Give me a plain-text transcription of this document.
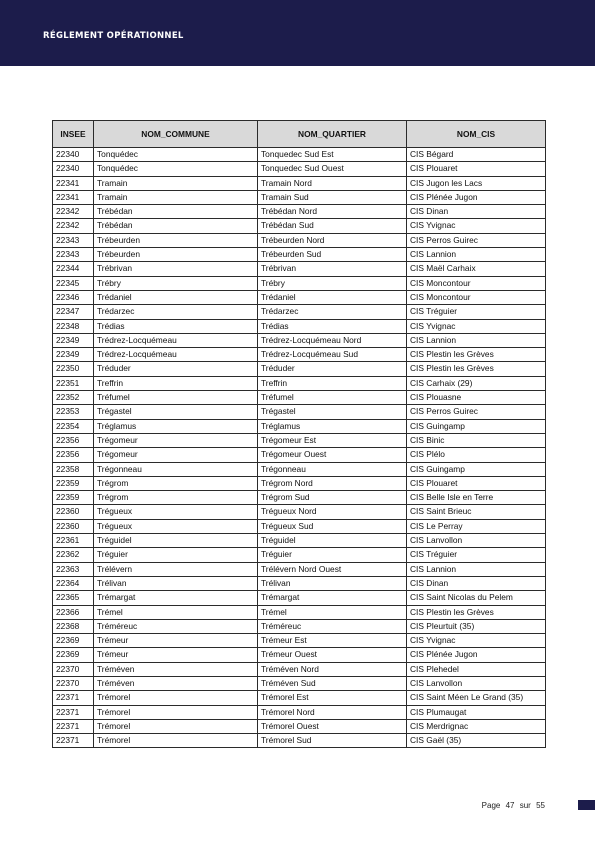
RÉGLEMENT OPÉRATIONNEL
INSEE	NOM_COMMUNE	NOM_QUARTIER	NOM_CIS
22340	Tonquédec	Tonquedec Sud Est	CIS Bégard
22340	Tonquédec	Tonquedec Sud Ouest	CIS Plouaret
22341	Tramain	Tramain Nord	CIS Jugon les Lacs
22341	Tramain	Tramain Sud	CIS Plénée Jugon
22342	Trébédan	Trébédan Nord	CIS Dinan
22342	Trébédan	Trébédan Sud	CIS Yvignac
22343	Trébeurden	Trébeurden Nord	CIS Perros Guirec
22343	Trébeurden	Trébeurden Sud	CIS Lannion
22344	Trébrivan	Trébrivan	CIS Maël Carhaix
22345	Trébry	Trébry	CIS Moncontour
22346	Trédaniel	Trédaniel	CIS Moncontour
22347	Trédarzec	Trédarzec	CIS Tréguier
22348	Trédias	Trédias	CIS Yvignac
22349	Trédrez-Locquémeau	Trédrez-Locquémeau Nord	CIS Lannion
22349	Trédrez-Locquémeau	Trédrez-Locquémeau Sud	CIS Plestin les Grèves
22350	Tréduder	Tréduder	CIS Plestin les Grèves
22351	Treffrin	Treffrin	CIS Carhaix (29)
22352	Tréfumel	Tréfumel	CIS Plouasne
22353	Trégastel	Trégastel	CIS Perros Guirec
22354	Tréglamus	Tréglamus	CIS Guingamp
22356	Trégomeur	Trégomeur Est	CIS Binic
22356	Trégomeur	Trégomeur Ouest	CIS Plélo
22358	Trégonneau	Trégonneau	CIS Guingamp
22359	Trégrom	Trégrom Nord	CIS Plouaret
22359	Trégrom	Trégrom Sud	CIS Belle Isle en Terre
22360	Trégueux	Trégueux Nord	CIS Saint Brieuc
22360	Trégueux	Trégueux Sud	CIS Le Perray
22361	Tréguidel	Tréguidel	CIS Lanvollon
22362	Tréguier	Tréguier	CIS Tréguier
22363	Trélévern	Trélévern Nord Ouest	CIS Lannion
22364	Trélivan	Trélivan	CIS Dinan
22365	Trémargat	Trémargat	CIS Saint Nicolas du Pelem
22366	Trémel	Trémel	CIS Plestin les Grèves
22368	Tréméreuc	Tréméreuc	CIS Pleurtuit (35)
22369	Trémeur	Trémeur Est	CIS Yvignac
22369	Trémeur	Trémeur Ouest	CIS Plénée Jugon
22370	Tréméven	Tréméven Nord	CIS Plehedel
22370	Tréméven	Tréméven Sud	CIS Lanvollon
22371	Trémorel	Trémorel Est	CIS Saint Méen Le Grand (35)
22371	Trémorel	Trémorel Nord	CIS Plumaugat
22371	Trémorel	Trémorel Ouest	CIS Merdrignac
22371	Trémorel	Trémorel Sud	CIS Gaël (35)
Page 47 sur 55
